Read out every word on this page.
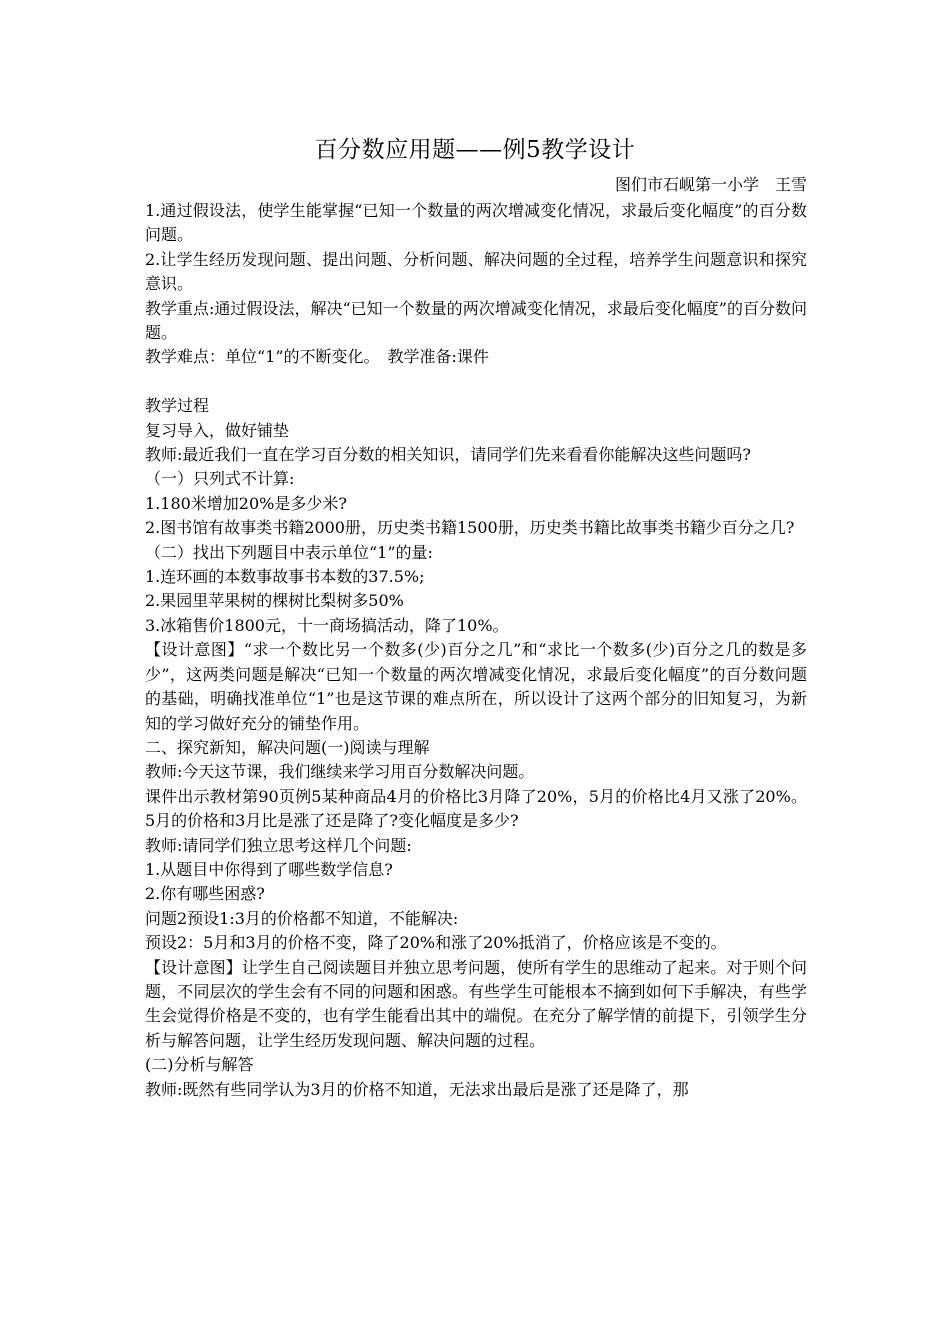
百分数应用题——例5教学设计
图们市石岘第一小学　王雪

1.通过假设法，使学生能掌握“已知一个数量的两次增减变化情况，求最后变化幅度”的百分数问题。

2.让学生经历发现问题、提出问题、分析问题、解决问题的全过程，培养学生问题意识和探究意识。

教学重点:通过假设法，解决“已知一个数量的两次增减变化情况，求最后变化幅度”的百分数问题。

教学难点：单位“1”的不断变化。　教学准备:课件

教学过程

复习导入，做好铺垫

教师:最近我们一直在学习百分数的相关知识，请同学们先来看看你能解决这些问题吗?

（一）只列式不计算:

1.180米增加20%是多少米?

2.图书馆有故事类书籍2000册，历史类书籍1500册，历史类书籍比故事类书籍少百分之几?

（二）找出下列题目中表示单位“1”的量:

1.连环画的本数事故事书本数的37.5%;

2.果园里苹果树的棵树比梨树多50%

3.冰箱售价1800元，十一商场搞活动，降了10%。

【设计意图】“求一个数比另一个数多(少)百分之几”和“求比一个数多(少)百分之几的数是多少”，这两类问题是解决“已知一个数量的两次增减变化情况，求最后变化幅度”的百分数问题的基础，明确找准单位“1”也是这节课的难点所在，所以设计了这两个部分的旧知复习，为新知的学习做好充分的铺垫作用。

二、探究新知，解决问题(一)阅读与理解

教师:今天这节课，我们继续来学习用百分数解决问题。

课件出示教材第90页例5某种商品4月的价格比3月降了20%，5月的价格比4月又涨了20%。5月的价格和3月比是涨了还是降了?变化幅度是多少?

教师:请同学们独立思考这样几个问题:

1.从题目中你得到了哪些数学信息?

2.你有哪些困惑?

问题2预设1:3月的价格都不知道，不能解决:

预设2：5月和3月的价格不变，降了20%和涨了20%抵消了，价格应该是不变的。

【设计意图】让学生自己阅读题目并独立思考问题，使所有学生的思维动了起来。对于则个问题，不同层次的学生会有不同的问题和困惑。有些学生可能根本不摘到如何下手解决，有些学生会觉得价格是不变的，也有学生能看出其中的端倪。在充分了解学情的前提下，引领学生分析与解答问题，让学生经历发现问题、解决问题的过程。

(二)分析与解答

教师:既然有些同学认为3月的价格不知道，无法求出最后是涨了还是降了，那
